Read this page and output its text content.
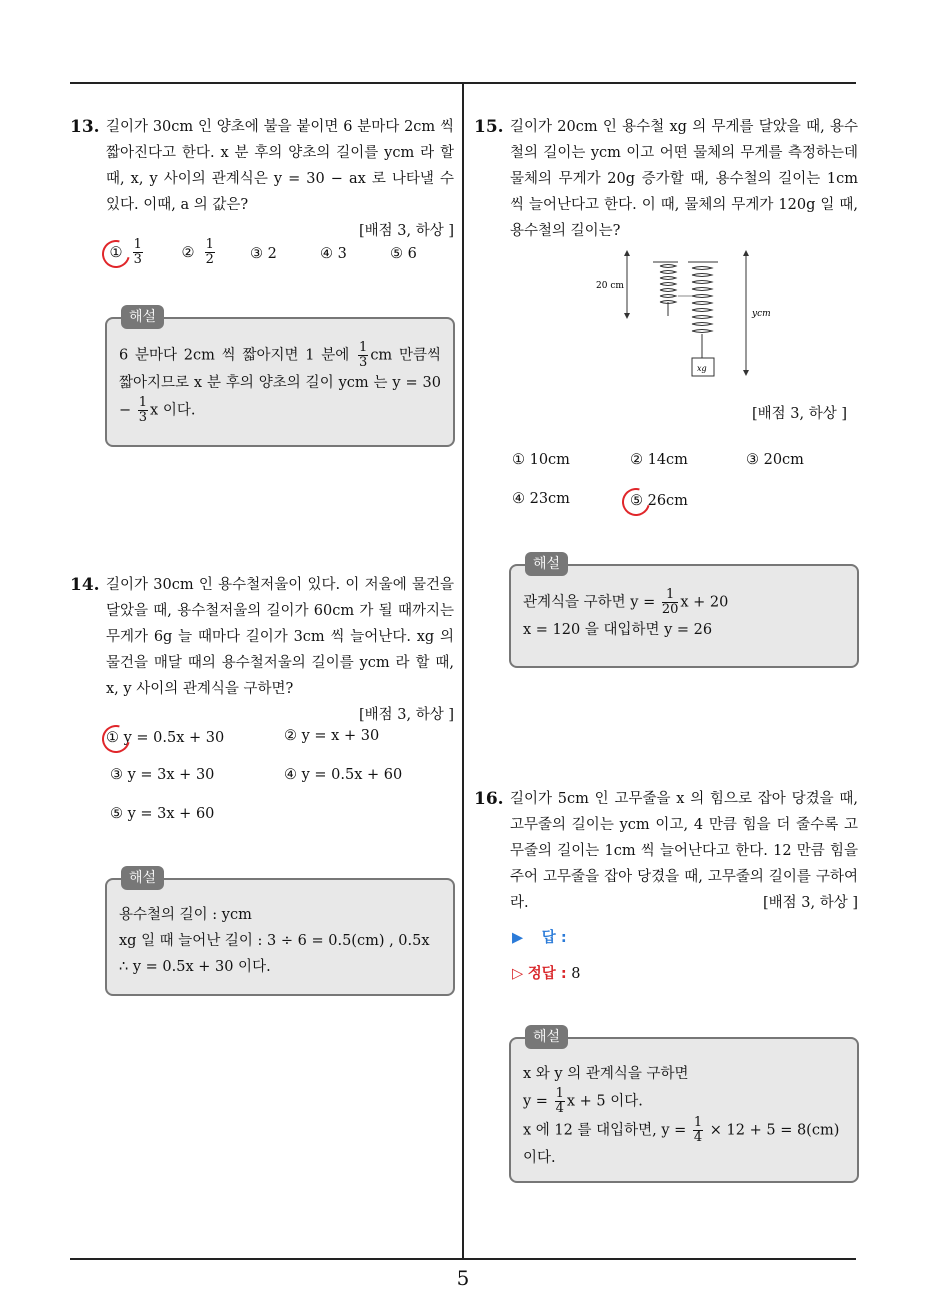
13. 길이가 30cm 인 양초에 불을 붙이면 6 분마다 2cm 씩 짧아진다고 한다. x 분 후의 양초의 길이를 ycm 라 할 때, x, y 사이의 관계식은 y = 30 − ax 로 나타낼 수 있다. 이때, a 의 값은?

[배점 3, 하상 ]
① $\frac{1}{3}$	② $\frac{1}{2}$ ③ 2	④ 3	⑤ 6
해설
6 분마다 2cm 씩 짧아지면 1 분에 $\frac{1}{3}$ cm 만큼씩 짧아지므로 x 분 후의 양초의 길이 ycm 는 $y = 30 - \frac{1}{3}$ x 이다.
14. 길이가 30cm 인 용수철저울이 있다. 이 저울에 물건을 달았을 때, 용수철저울의 길이가 60cm 가 될 때까지는 무게가 6g 늘 때마다 길이가 3cm 씩 늘어난다. xg 의 물건을 매달 때의 용수철저울의 길이를 ycm 라 할 때, x, y 사이의 관계식을 구하면?

[배점 3, 하상 ]
① y = 0.5x + 30	② y = x + 30
③ y = 3x + 30	④ y = 0.5x + 60
⑤ y = 3x + 60
해설
용수철의 길이 : ycm
xg 일 때 늘어난 길이 : 3 ÷ 6 = 0.5(cm) , 0.5x
∴ y = 0.5x + 30 이다.
15. 길이가 20cm 인 용수철 xg 의 무게를 달았을 때, 용수철의 길이는 ycm 이고 어떤 물체의 무게를 측정하는데 물체의 무게가 20g 증가할 때, 용수철의 길이는 1cm 씩 늘어난다고 한다. 이 때, 물체의 무게가 120g 일 때, 용수철의 길이는?

20 cm
xg
ycm
[배점 3, 하상 ]
① 10cm	② 14cm	③ 20cm
④ 23cm	⑤ 26cm
해설
관계식을 구하면 $y = \frac{1}{20}$ x + 20
x = 120 을 대입하면 y = 26
16. 길이가 5cm 인 고무줄을 x 의 힘으로 잡아 당겼을 때, 고무줄의 길이는 ycm 이고, 4 만큼 힘을 더 줄수록 고무줄의 길이는 1cm 씩 늘어난다고 한다. 12 만큼 힘을 주어 고무줄을 잡아 당겼을 때, 고무줄의 길이를 구하여라.	[배점 3, 하상 ]
▶ 답 :
▷ 정답 : 8
해설
x 와 y 의 관계식을 구하면
$y = \frac{1}{4}$ x + 5 이다.
x 에 12 를 대입하면, $y = \frac{1}{4} \times 12 + 5 = 8(cm)$
이다.
5
